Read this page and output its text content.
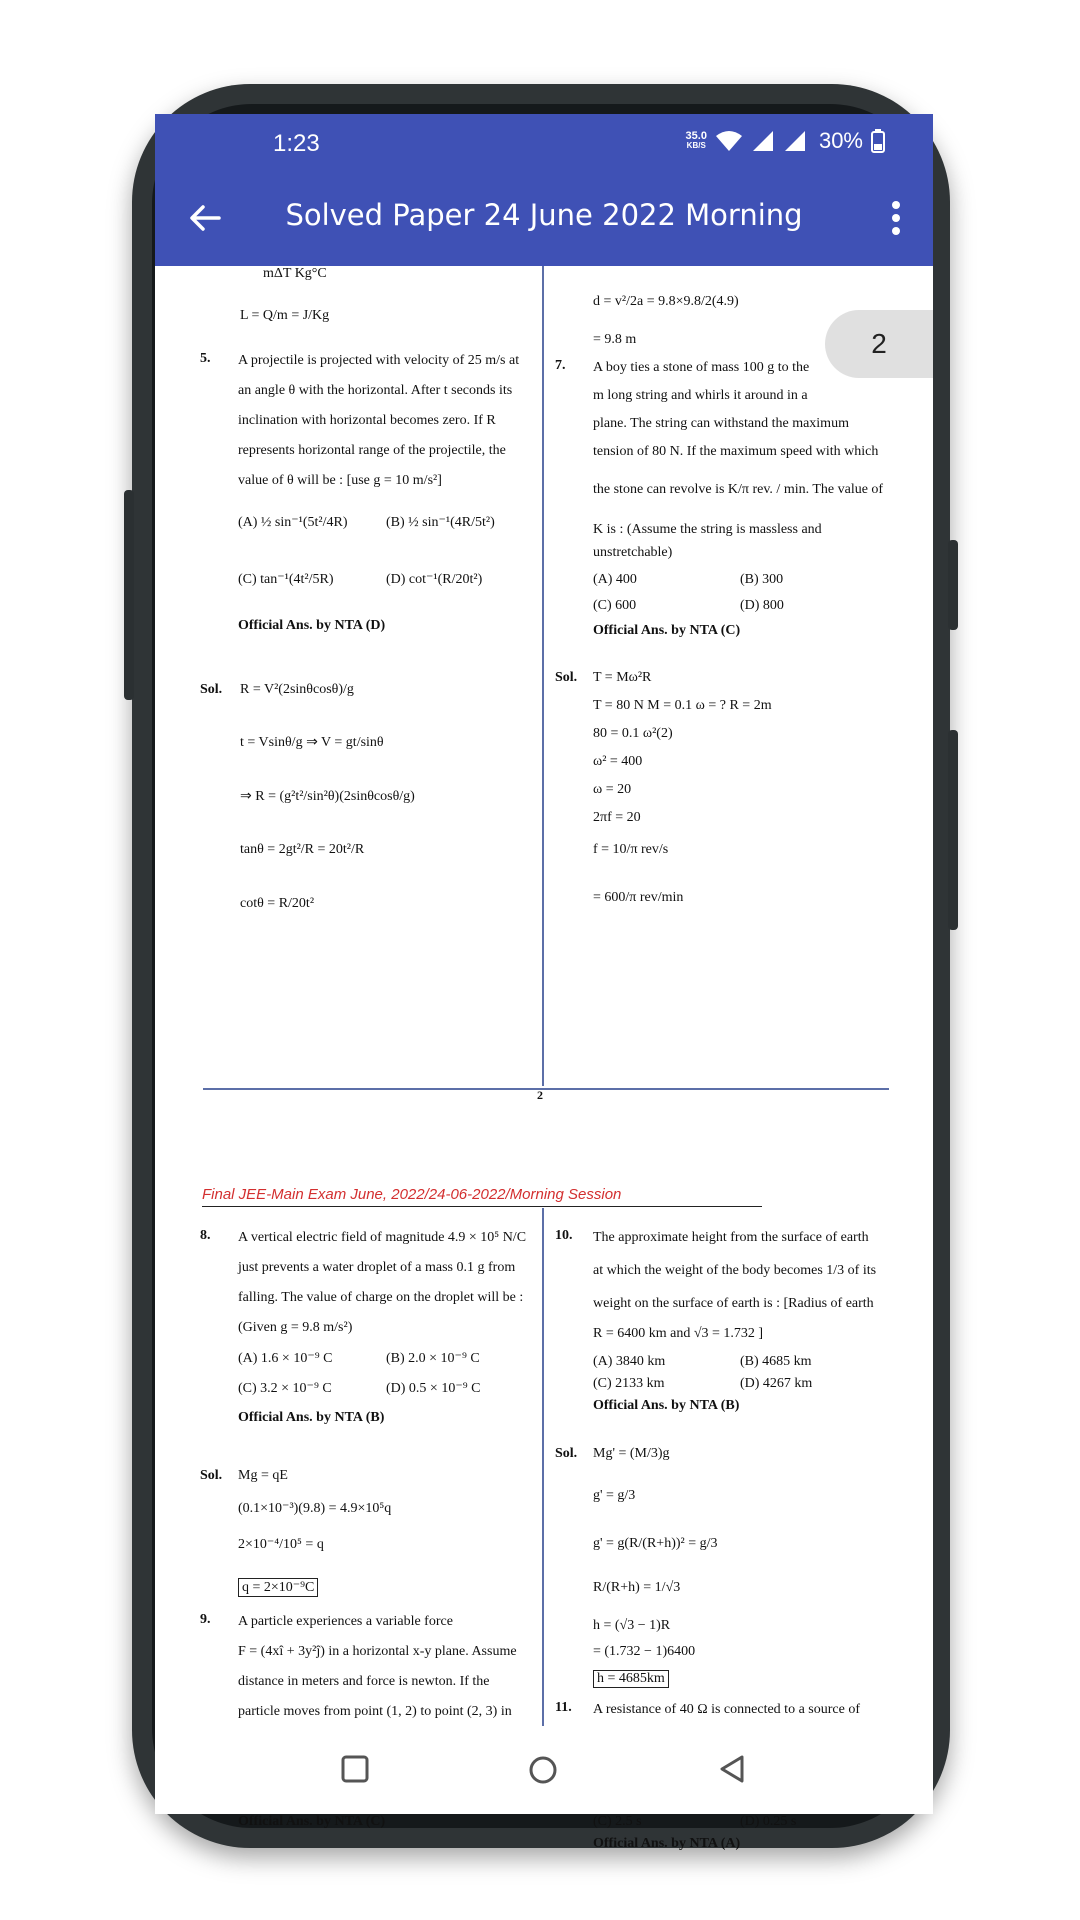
1:23	35.0
KB/S	30%
Solved Paper 24 June 2022 Morning
2
mΔT Kg°C
L = Q/m = J/Kg
5. A projectile is projected with velocity of 25 m/s at
an angle θ with the horizontal. After t seconds its
inclination with horizontal becomes zero. If R
represents horizontal range of the projectile, the
value of θ will be : [use g = 10 m/s²]
(A) ½ sin⁻¹(5t²/4R)	(B) ½ sin⁻¹(4R/5t²)
(C) tan⁻¹(4t²/5R)	(D) cot⁻¹(R/20t²)
Official Ans. by NTA (D)
Sol. R = V²(2sinθcosθ)/g
t = Vsinθ/g ⇒ V = gt/sinθ
⇒ R = (g²t²/sin²θ)(2sinθcosθ/g)
tanθ = 2gt²/R = 20t²/R
cotθ = R/20t²
d = v²/2a = 9.8×9.8/2(4.9)
= 9.8 m
7. A boy ties a stone of mass 100 g to the
m long string and whirls it around in a
plane. The string can withstand the maximum
tension of 80 N. If the maximum speed with which
the stone can revolve is K/π rev. / min. The value of
K is : (Assume the string is massless and
unstretchable)
(A) 400	(B) 300
(C) 600	(D) 800
Official Ans. by NTA (C)
Sol. T = Mω²R
T = 80 N M = 0.1 ω = ? R = 2m
80 = 0.1 ω²(2)
ω² = 400
ω = 20
2πf = 20
f = 10/π rev/s
= 600/π rev/min
Final JEE-Main Exam June, 2022/24-06-2022/Morning Session
8. A vertical electric field of magnitude 4.9 × 10⁵ N/C
just prevents a water droplet of a mass 0.1 g from
falling. The value of charge on the droplet will be :
(Given g = 9.8 m/s²)
(A) 1.6 × 10⁻⁹ C	(B) 2.0 × 10⁻⁹ C
(C) 3.2 × 10⁻⁹ C	(D) 0.5 × 10⁻⁹ C
Official Ans. by NTA (B)
Sol. Mg = qE
(0.1×10⁻³)(9.8) = 4.9×10⁵q
2×10⁻⁴/10⁵ = q
q = 2×10⁻⁹C
9. A particle experiences a variable force
F = (4xî + 3y²ĵ) in a horizontal x-y plane. Assume
distance in meters and force is newton. If the
particle moves from point (1, 2) to point (2, 3) in
Official Ans. by NTA (C)
10. The approximate height from the surface of earth
at which the weight of the body becomes 1/3 of its
weight on the surface of earth is : [Radius of earth
R = 6400 km and √3 = 1.732 ]
(A) 3840 km	(B) 4685 km
(C) 2133 km	(D) 4267 km
Official Ans. by NTA (B)
Sol. Mg' = (M/3)g
g' = g/3
g' = g(R/(R+h))² = g/3
R/(R+h) = 1/√3
h = (√3 − 1)R
= (1.732 − 1)6400
h = 4685km
11. A resistance of 40 Ω is connected to a source of
(C) 2.5 s	(D) 0.25 s
Official Ans. by NTA (A)
2
